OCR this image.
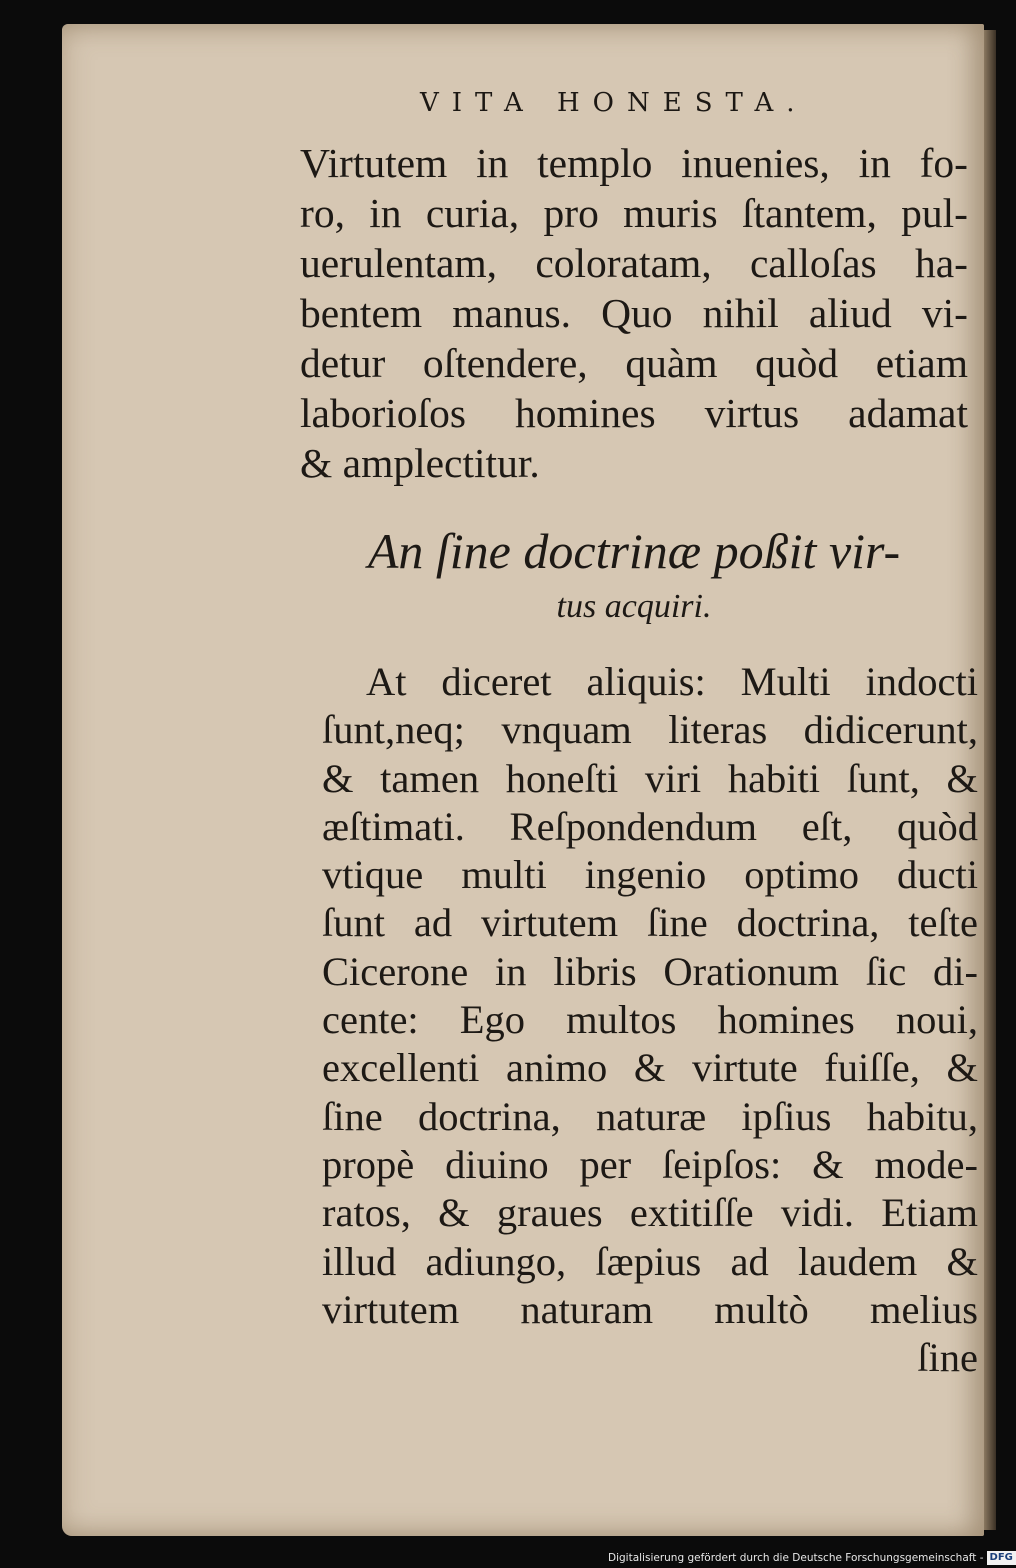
VITA HONESTA.
Virtutem in templo inuenies, in fo-
ro, in curia, pro muris ſtantem, pul-
uerulentam, coloratam, calloſas ha-
bentem manus. Quo nihil aliud vi-
detur oſtendere, quàm quòd etiam
laborioſos homines virtus adamat
& amplectitur.
An ſine doctrinæ poßit vir-
tus acquiri.
At diceret aliquis: Multi indocti
ſunt,neq; vnquam literas didicerunt,
& tamen honeſti viri habiti ſunt, &
æſtimati. Reſpondendum eſt, quòd
vtique multi ingenio optimo ducti
ſunt ad virtutem ſine doctrina, teſte
Cicerone in libris Orationum ſic di-
cente: Ego multos homines noui,
excellenti animo & virtute fuiſſe, &
ſine doctrina, naturæ ipſius habitu,
propè diuino per ſeipſos: & mode-
ratos, & graues extitiſſe vidi. Etiam
illud adiungo, ſæpius ad laudem &
virtutem naturam multò melius
ſine
Digitalisierung gefördert durch die Deutsche Forschungsgemeinschaft - DFG
